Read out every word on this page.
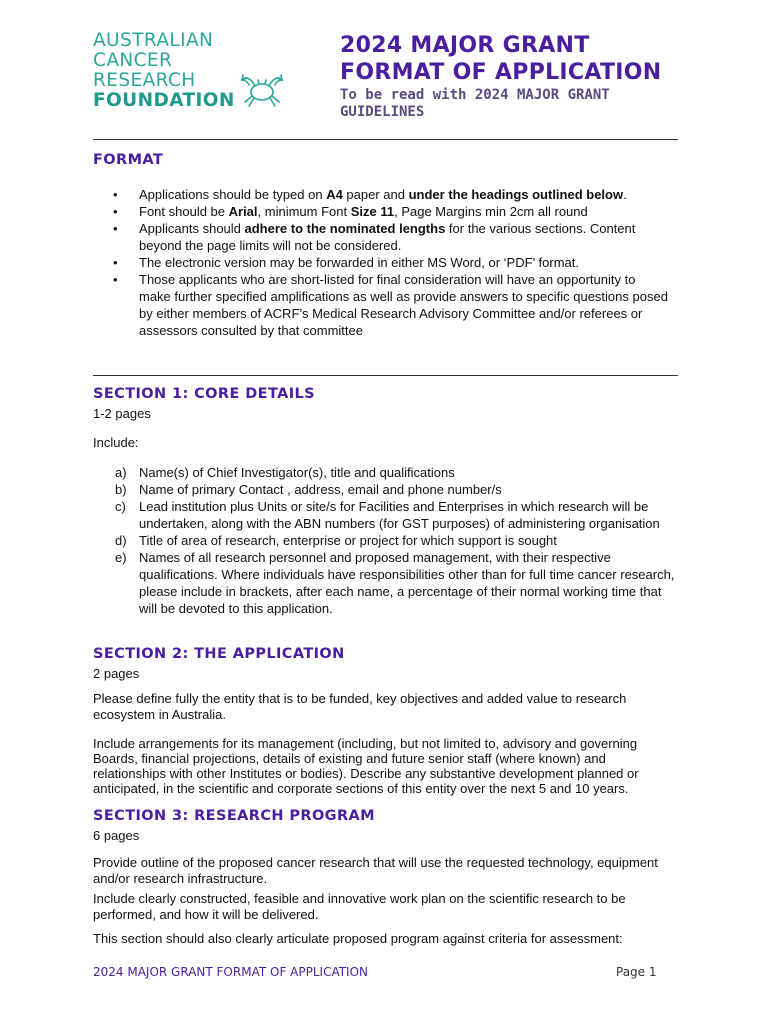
AUSTRALIAN
CANCER
RESEARCH
FOUNDATION
2024 MAJOR GRANT
FORMAT OF APPLICATION
To be read with 2024 MAJOR GRANT
GUIDELINES
FORMAT
• Applications should be typed on A4 paper and under the headings outlined below.
• Font should be Arial, minimum Font Size 11, Page Margins min 2cm all round
• Applicants should adhere to the nominated lengths for the various sections. Content beyond the page limits will not be considered.
• The electronic version may be forwarded in either MS Word, or ‘PDF’ format.
• Those applicants who are short-listed for final consideration will have an opportunity to make further specified amplifications as well as provide answers to specific questions posed by either members of ACRF’s Medical Research Advisory Committee and/or referees or assessors consulted by that committee
SECTION 1: CORE DETAILS
1-2 pages
Include:
a) Name(s) of Chief Investigator(s), title and qualifications
b) Name of primary Contact , address, email and phone number/s
c) Lead institution plus Units or site/s for Facilities and Enterprises in which research will be undertaken, along with the ABN numbers (for GST purposes) of administering organisation
d) Title of area of research, enterprise or project for which support is sought
e) Names of all research personnel and proposed management, with their respective qualifications. Where individuals have responsibilities other than for full time cancer research, please include in brackets, after each name, a percentage of their normal working time that will be devoted to this application.
SECTION 2: THE APPLICATION
2 pages
Please define fully the entity that is to be funded, key objectives and added value to research ecosystem in Australia.
Include arrangements for its management (including, but not limited to, advisory and governing Boards, financial projections, details of existing and future senior staff (where known) and relationships with other Institutes or bodies). Describe any substantive development planned or anticipated, in the scientific and corporate sections of this entity over the next 5 and 10 years.
SECTION 3: RESEARCH PROGRAM
6 pages
Provide outline of the proposed cancer research that will use the requested technology, equipment and/or research infrastructure.
Include clearly constructed, feasible and innovative work plan on the scientific research to be performed, and how it will be delivered.
This section should also clearly articulate proposed program against criteria for assessment:
2024 MAJOR GRANT FORMAT OF APPLICATION	Page 1
